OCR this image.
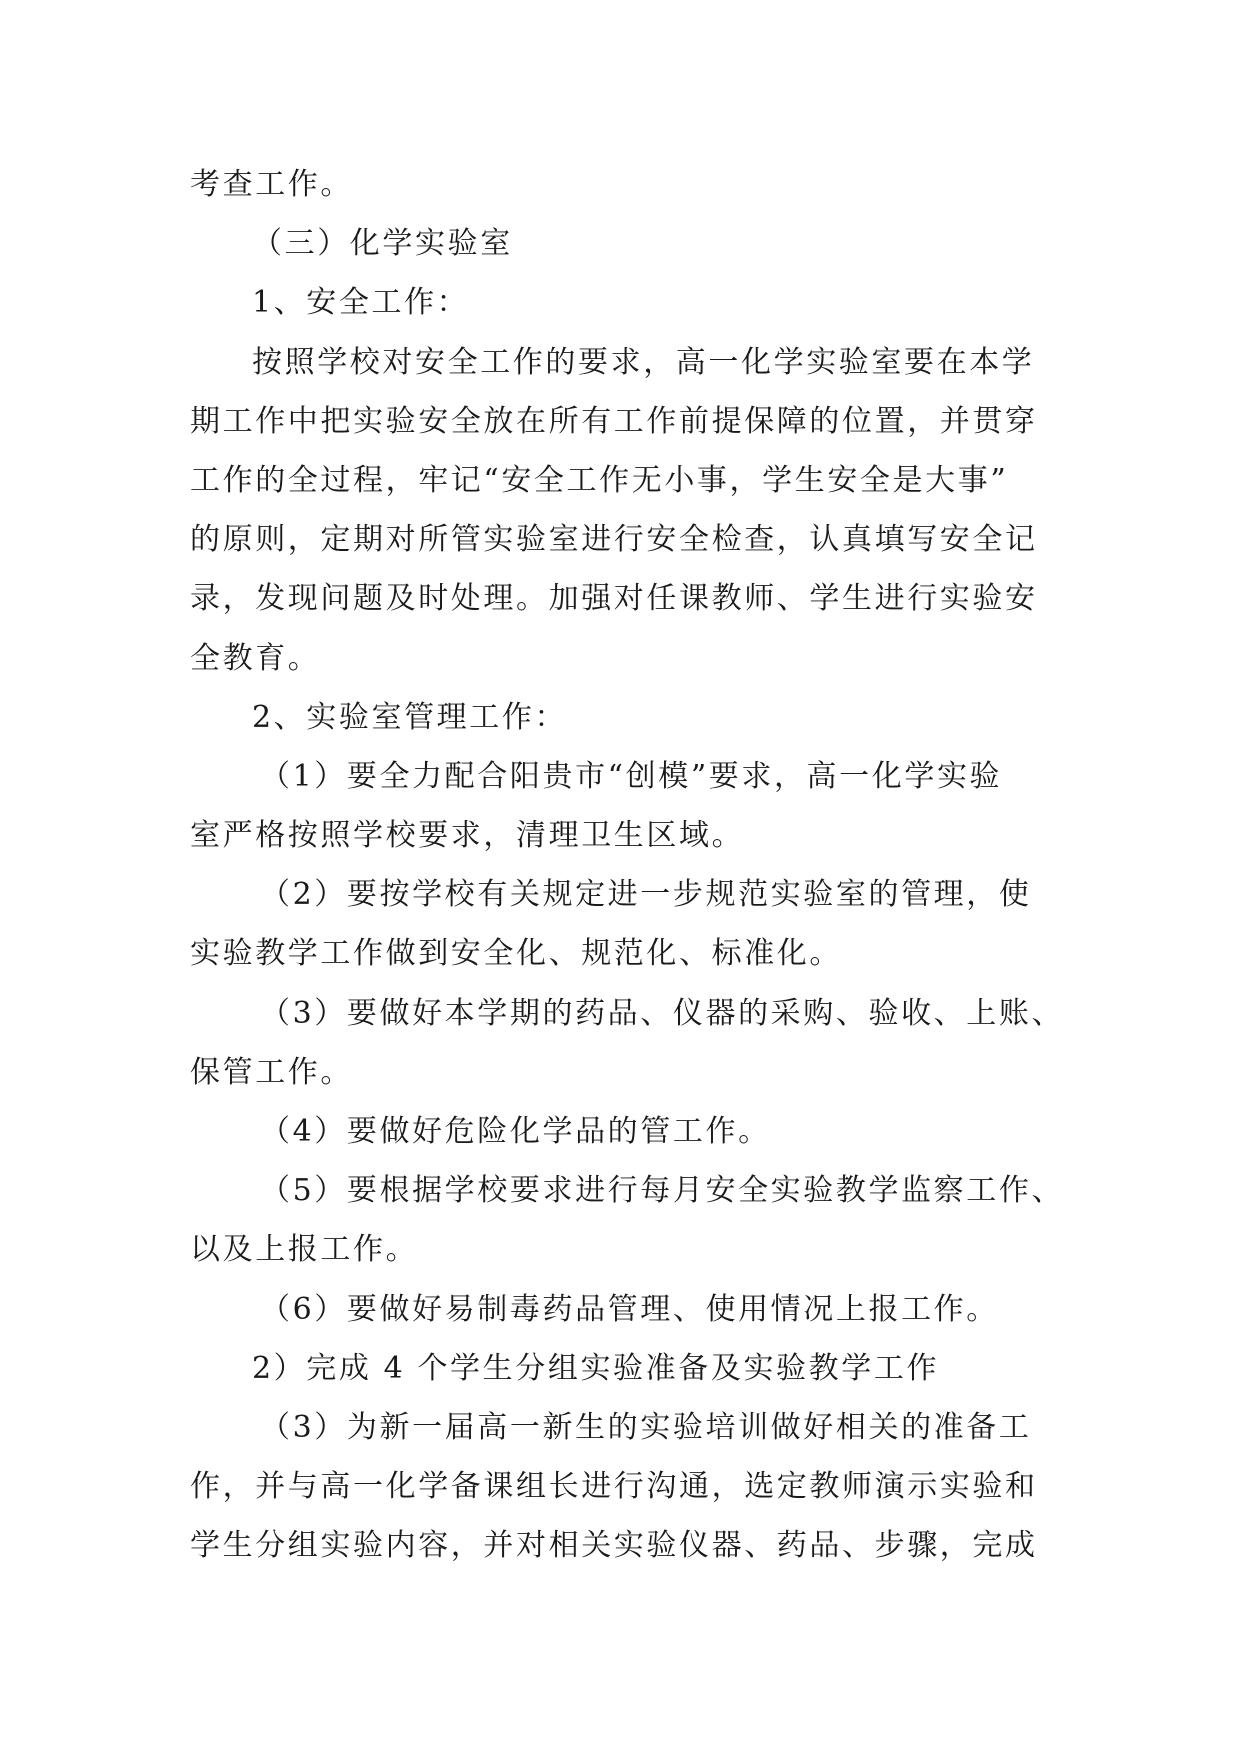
考查工作。
（三）化学实验室
1、安全工作：
按照学校对安全工作的要求，高一化学实验室要在本学
期工作中把实验安全放在所有工作前提保障的位置，并贯穿
工作的全过程，牢记“安全工作无小事，学生安全是大事”
的原则，定期对所管实验室进行安全检查，认真填写安全记
录，发现问题及时处理。加强对任课教师、学生进行实验安
全教育。
2、实验室管理工作：
（1）要全力配合阳贵市“创模”要求，高一化学实验
室严格按照学校要求，清理卫生区域。
（2）要按学校有关规定进一步规范实验室的管理，使
实验教学工作做到安全化、规范化、标准化。
（3）要做好本学期的药品、仪器的采购、验收、上账、
保管工作。
（4）要做好危险化学品的管工作。
（5）要根据学校要求进行每月安全实验教学监察工作、
以及上报工作。
（6）要做好易制毒药品管理、使用情况上报工作。
2）完成 4 个学生分组实验准备及实验教学工作
（3）为新一届高一新生的实验培训做好相关的准备工
作，并与高一化学备课组长进行沟通，选定教师演示实验和
学生分组实验内容，并对相关实验仪器、药品、步骤，完成
